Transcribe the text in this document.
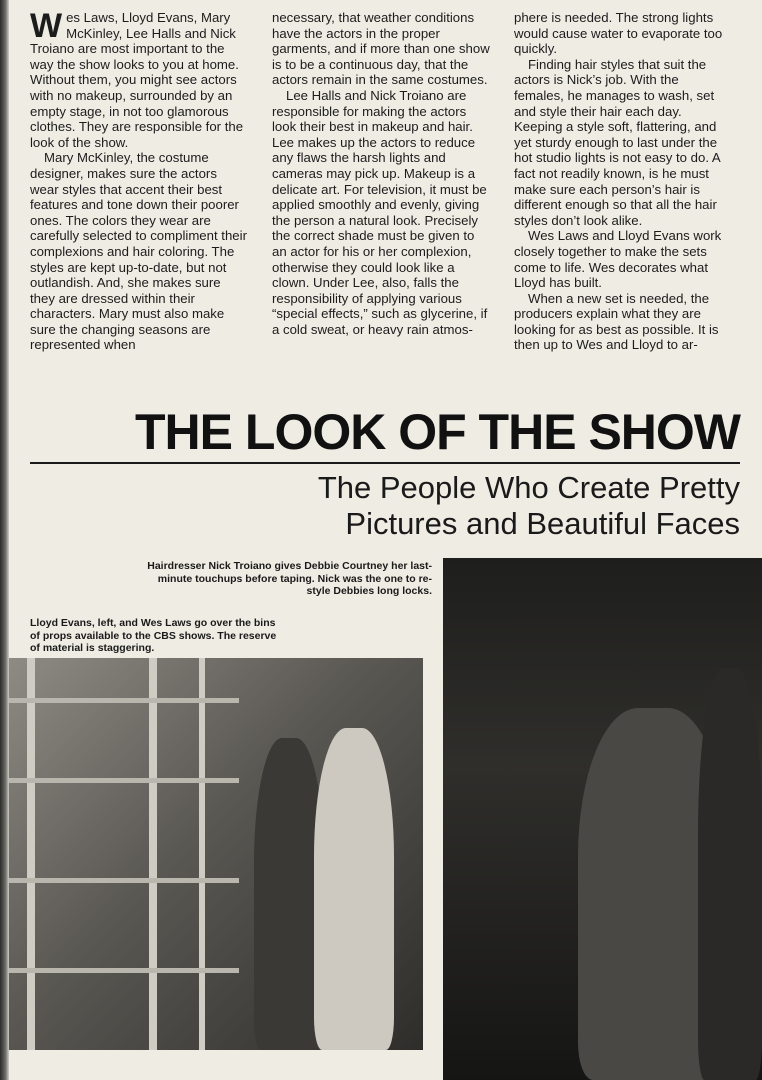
Wes Laws, Lloyd Evans, Mary McKinley, Lee Halls and Nick Troiano are most important to the way the show looks to you at home. Without them, you might see actors with no makeup, surrounded by an empty stage, in not too glamorous clothes. They are responsible for the look of the show.

Mary McKinley, the costume designer, makes sure the actors wear styles that accent their best features and tone down their poorer ones. The colors they wear are carefully selected to compliment their complexions and hair coloring. The styles are kept up-to-date, but not outlandish. And, she makes sure they are dressed within their characters. Mary must also make sure the changing seasons are represented when

necessary, that weather conditions have the actors in the proper garments, and if more than one show is to be a continuous day, that the actors remain in the same costumes.

Lee Halls and Nick Troiano are responsible for making the actors look their best in makeup and hair. Lee makes up the actors to reduce any flaws the harsh lights and cameras may pick up. Makeup is a delicate art. For television, it must be applied smoothly and evenly, giving the person a natural look. Precisely the correct shade must be given to an actor for his or her complexion, otherwise they could look like a clown. Under Lee, also, falls the responsibility of applying various “special effects,” such as glycerine, if a cold sweat, or heavy rain atmos-

phere is needed. The strong lights would cause water to evaporate too quickly.

Finding hair styles that suit the actors is Nick’s job. With the females, he manages to wash, set and style their hair each day. Keeping a style soft, flattering, and yet sturdy enough to last under the hot studio lights is not easy to do. A fact not readily known, is he must make sure each person’s hair is different enough so that all the hair styles don’t look alike.

Wes Laws and Lloyd Evans work closely together to make the sets come to life. Wes decorates what Lloyd has built.

When a new set is needed, the producers explain what they are looking for as best as possible. It is then up to Wes and Lloyd to ar-

THE LOOK OF THE SHOW
The People Who Create Pretty
Pictures and Beautiful Faces
Hairdresser Nick Troiano gives Debbie Courtney her last-minute touchups before taping. Nick was the one to re-style Debbies long locks.
Lloyd Evans, left, and Wes Laws go over the bins of props available to the CBS shows. The reserve of material is staggering.
